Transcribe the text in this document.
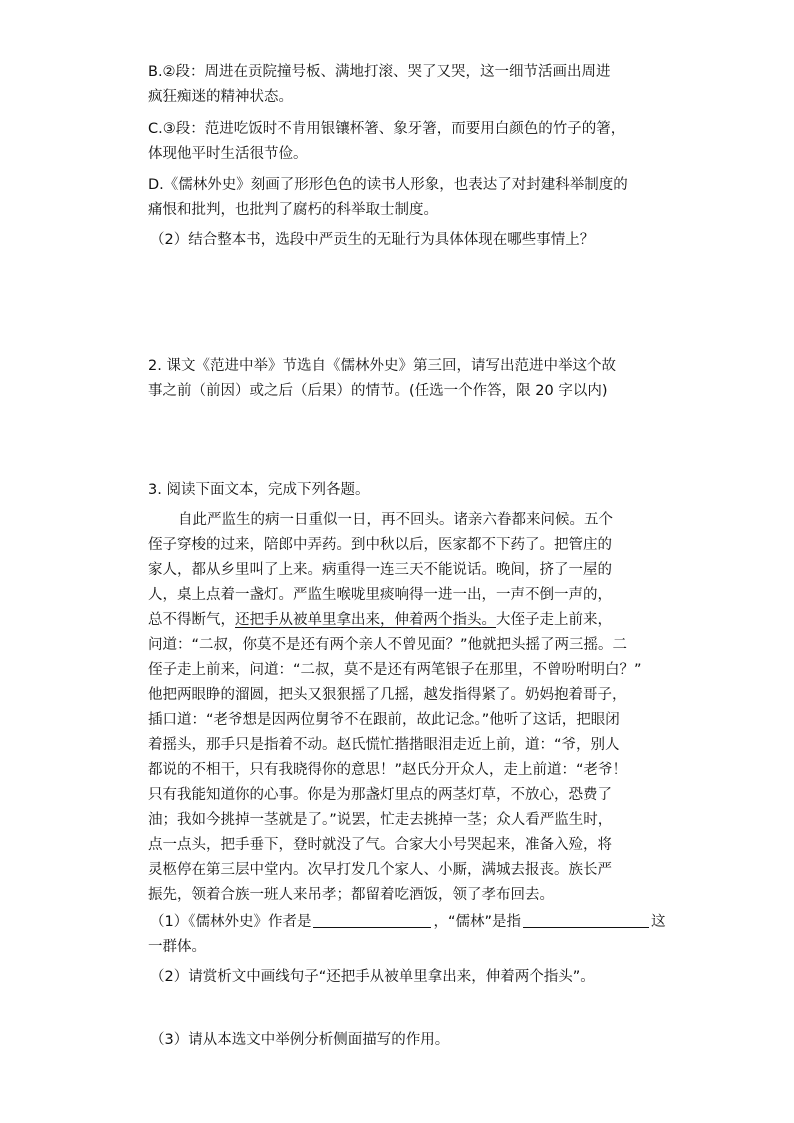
B.②段：周进在贡院撞号板、满地打滚、哭了又哭，这一细节活画出周进
疯狂痴迷的精神状态。
C.③段：范进吃饭时不肯用银镶杯箸、象牙箸，而要用白颜色的竹子的箸，
体现他平时生活很节俭。
D.《儒林外史》刻画了形形色色的读书人形象，也表达了对封建科举制度的
痛恨和批判，也批判了腐朽的科举取士制度。
（2）结合整本书，选段中严贡生的无耻行为具体体现在哪些事情上？
2. 课文《范进中举》节选自《儒林外史》第三回，请写出范进中举这个故
事之前（前因）或之后（后果）的情节。(任选一个作答，限 20 字以内)
3. 阅读下面文本，完成下列各题。
自此严监生的病一日重似一日，再不回头。诸亲六眷都来问候。五个
侄子穿梭的过来，陪郎中弄药。到中秋以后，医家都不下药了。把管庄的
家人，都从乡里叫了上来。病重得一连三天不能说话。晚间，挤了一屋的
人，桌上点着一盏灯。严监生喉咙里痰响得一进一出，一声不倒一声的，
总不得断气，还把手从被单里拿出来，伸着两个指头。大侄子走上前来，
问道：“二叔，你莫不是还有两个亲人不曾见面？”他就把头摇了两三摇。二
侄子走上前来，问道：“二叔，莫不是还有两笔银子在那里，不曾吩咐明白？”
他把两眼睁的溜圆，把头又狠狠摇了几摇，越发指得紧了。奶妈抱着哥子，
插口道：“老爷想是因两位舅爷不在跟前，故此记念。”他听了这话，把眼闭
着摇头，那手只是指着不动。赵氏慌忙揩揩眼泪走近上前，道：“爷，别人
都说的不相干，只有我晓得你的意思！”赵氏分开众人，走上前道：“老爷！
只有我能知道你的心事。你是为那盏灯里点的两茎灯草，不放心，恐费了
油；我如今挑掉一茎就是了。”说罢，忙走去挑掉一茎；众人看严监生时，
点一点头，把手垂下，登时就没了气。合家大小号哭起来，准备入殓，将
灵柩停在第三层中堂内。次早打发几个家人、小厮，满城去报丧。族长严
振先，领着合族一班人来吊孝；都留着吃酒饭，领了孝布回去。
（1）《儒林外史》作者是	，“儒林”是指	这
一群体。
（2）请赏析文中画线句子“还把手从被单里拿出来，伸着两个指头”。
（3）请从本选文中举例分析侧面描写的作用。
